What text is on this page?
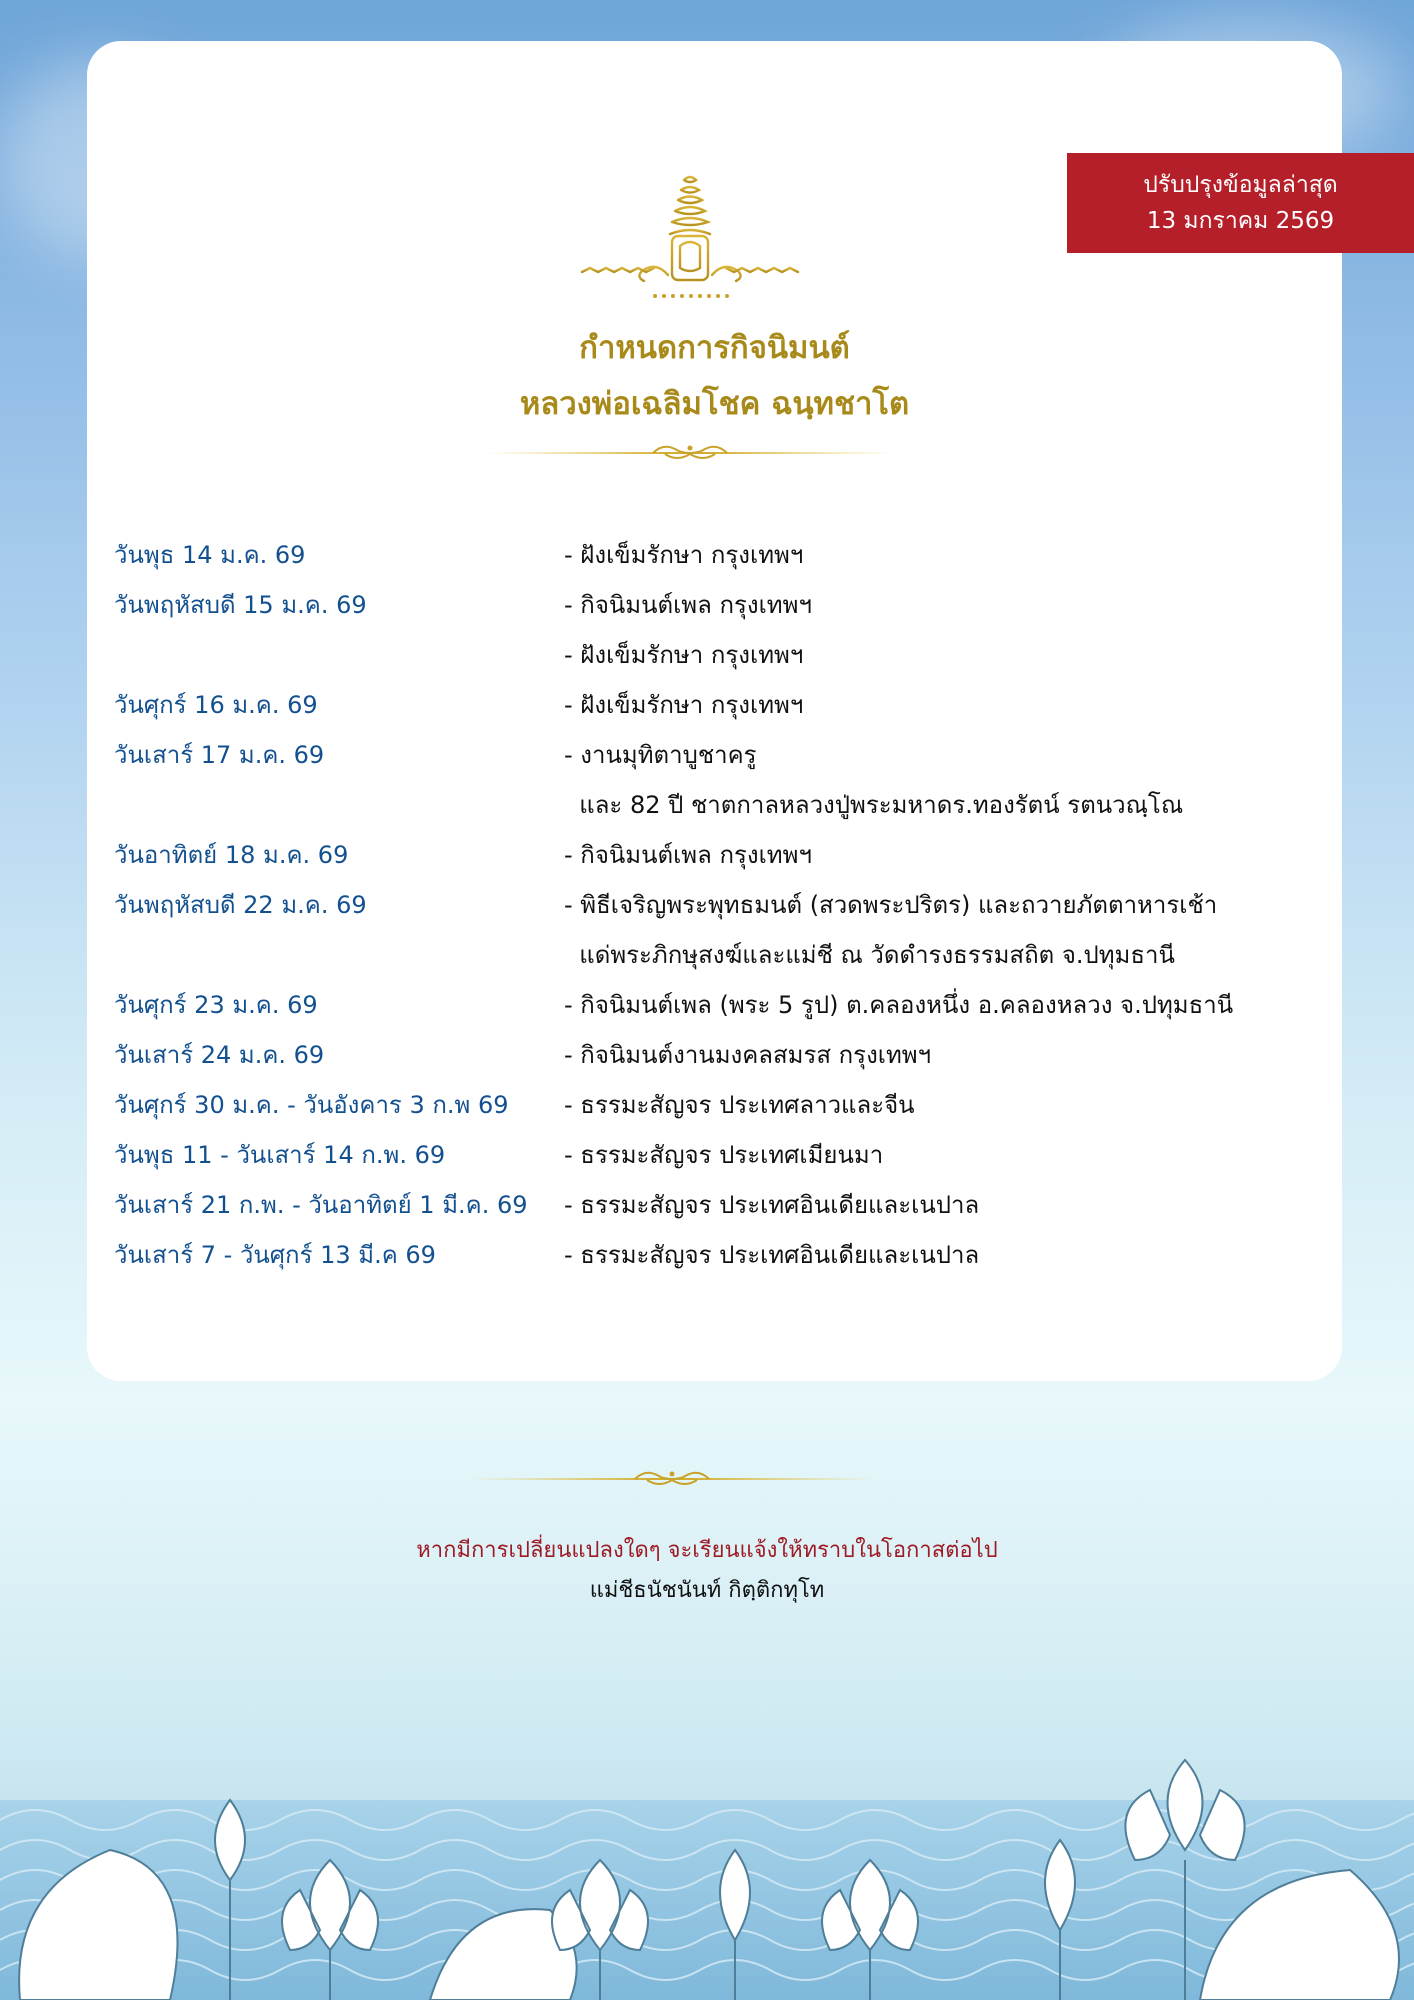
ปรับปรุงข้อมูลล่าสุด
13 มกราคม 2569
กำหนดการกิจนิมนต์
หลวงพ่อเฉลิมโชค ฉนฺทชาโต
วันพุธ 14 ม.ค. 69	- ฝังเข็มรักษา กรุงเทพฯ
วันพฤหัสบดี 15 ม.ค. 69	- กิจนิมนต์เพล กรุงเทพฯ
- ฝังเข็มรักษา กรุงเทพฯ
วันศุกร์ 16 ม.ค. 69	- ฝังเข็มรักษา กรุงเทพฯ
วันเสาร์ 17 ม.ค. 69	- งานมุทิตาบูชาครู
และ 82 ปี ชาตกาลหลวงปู่พระมหาดร.ทองรัตน์ รตนวณฺโณ
วันอาทิตย์ 18 ม.ค. 69	- กิจนิมนต์เพล กรุงเทพฯ
วันพฤหัสบดี 22 ม.ค. 69	- พิธีเจริญพระพุทธมนต์ (สวดพระปริตร) และถวายภัตตาหารเช้า
แด่พระภิกษุสงฆ์และแม่ชี ณ วัดดำรงธรรมสถิต จ.ปทุมธานี
วันศุกร์ 23 ม.ค. 69	- กิจนิมนต์เพล (พระ 5 รูป) ต.คลองหนึ่ง อ.คลองหลวง จ.ปทุมธานี
วันเสาร์ 24 ม.ค. 69	- กิจนิมนต์งานมงคลสมรส กรุงเทพฯ
วันศุกร์ 30 ม.ค. - วันอังคาร 3 ก.พ 69	- ธรรมะสัญจร ประเทศลาวและจีน
วันพุธ 11 - วันเสาร์ 14 ก.พ. 69	- ธรรมะสัญจร ประเทศเมียนมา
วันเสาร์ 21 ก.พ. - วันอาทิตย์ 1 มี.ค. 69	- ธรรมะสัญจร ประเทศอินเดียและเนปาล
วันเสาร์ 7 - วันศุกร์ 13 มี.ค 69	- ธรรมะสัญจร ประเทศอินเดียและเนปาล
หากมีการเปลี่ยนแปลงใดๆ จะเรียนแจ้งให้ทราบในโอกาสต่อไป
แม่ชีธนัชนันท์ กิตฺติกทุโท
